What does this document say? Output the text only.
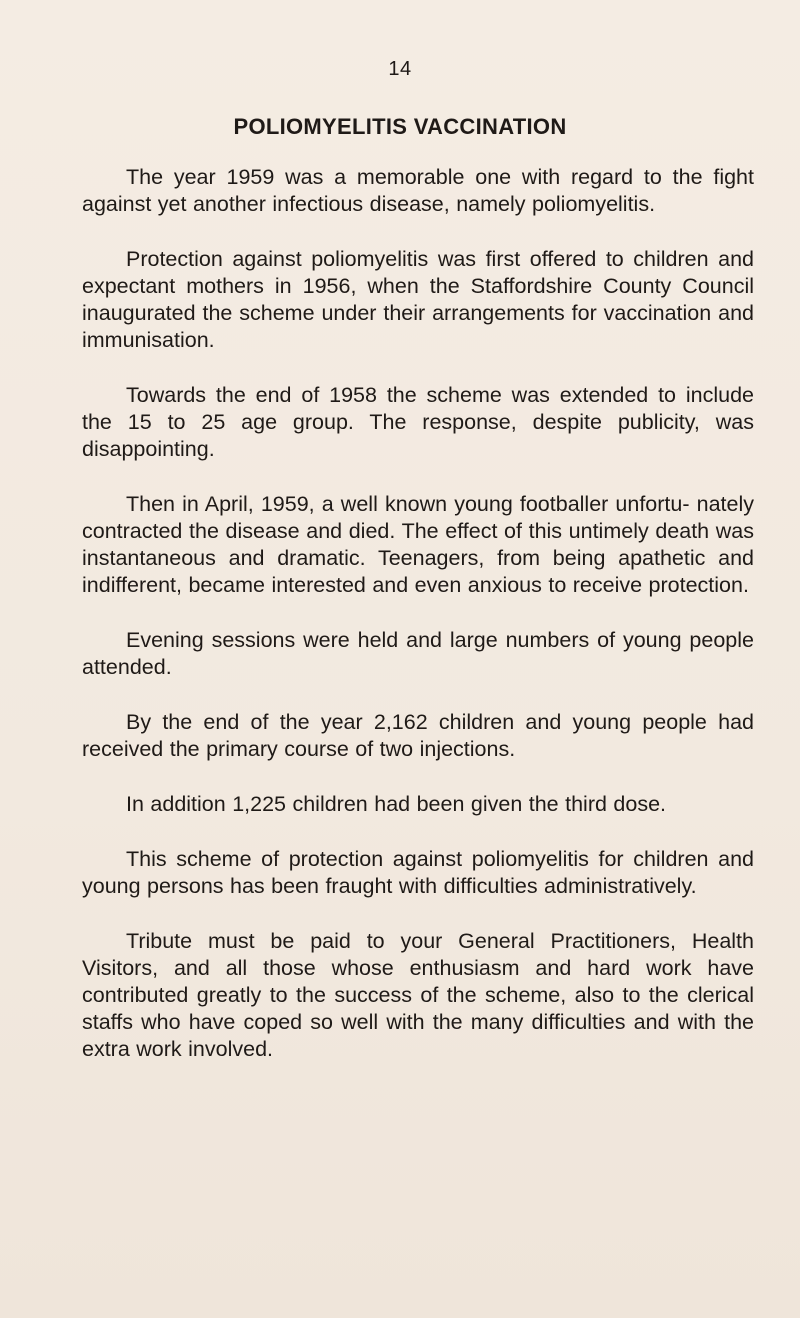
14
POLIOMYELITIS VACCINATION

The year 1959 was a memorable one with regard to the fight against yet another infectious disease, namely poliomyelitis.

Protection against poliomyelitis was first offered to children and expectant mothers in 1956, when the Staffordshire County Council inaugurated the scheme under their arrangements for vaccination and immunisation.

Towards the end of 1958 the scheme was extended to include the 15 to 25 age group. The response, despite publicity, was disappointing.

Then in April, 1959, a well known young footballer unfortu- nately contracted the disease and died. The effect of this untimely death was instantaneous and dramatic. Teenagers, from being apathetic and indifferent, became interested and even anxious to receive protection.

Evening sessions were held and large numbers of young people attended.

By the end of the year 2,162 children and young people had received the primary course of two injections.

In addition 1,225 children had been given the third dose.

This scheme of protection against poliomyelitis for children and young persons has been fraught with difficulties administratively.

Tribute must be paid to your General Practitioners, Health Visitors, and all those whose enthusiasm and hard work have contributed greatly to the success of the scheme, also to the clerical staffs who have coped so well with the many difficulties and with the extra work involved.
